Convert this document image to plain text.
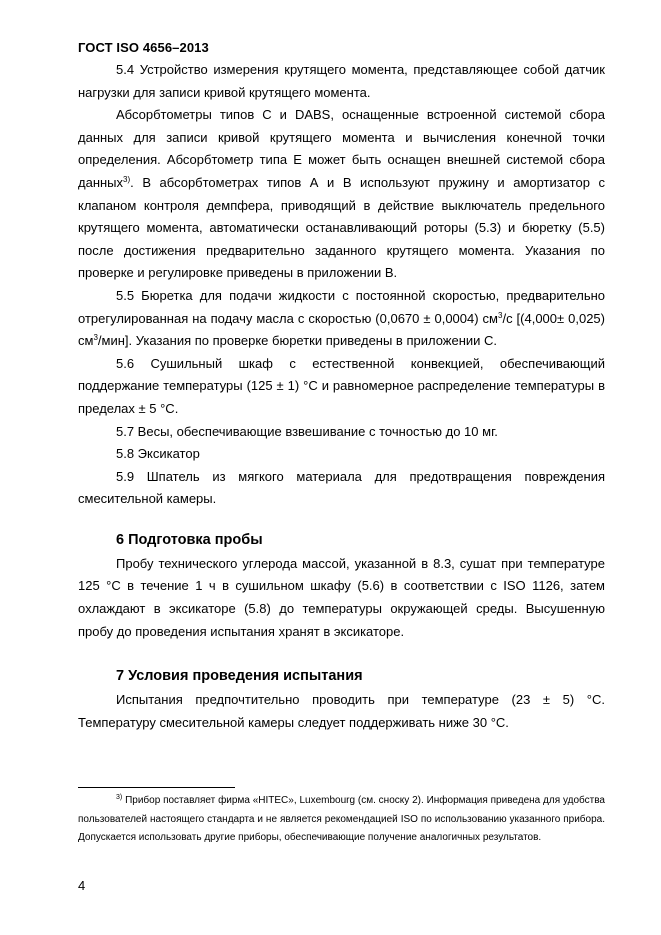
ГОСТ ISO 4656–2013

5.4 Устройство измерения крутящего момента, представляющее собой датчик нагрузки для записи кривой крутящего момента.

Абсорбтометры типов С и DABS, оснащенные встроенной системой сбора данных для записи кривой крутящего момента и вычисления конечной точки определения. Абсорбтометр типа Е может быть оснащен внешней системой сбора данных$^{3)}$. В абсорбтометрах типов А и В используют пружину и амортизатор с клапаном контроля демпфера, приводящий в действие выключатель предельного крутящего момента, автоматически останавливающий роторы (5.3) и бюретку (5.5) после достижения предварительно заданного крутящего момента. Указания по проверке и регулировке приведены в приложении В.

5.5 Бюретка для подачи жидкости с постоянной скоростью, предварительно отрегулированная на подачу масла с скоростью (0,0670 ± 0,0004) $см^3/с$ [(4,000± 0,025) $см^3/мин$]. Указания по проверке бюретки приведены в приложении С.

5.6 Сушильный шкаф с естественной конвекцией, обеспечивающий поддержание температуры (125 ± 1) °С и равномерное распределение температуры в пределах ± 5 °С.

5.7 Весы, обеспечивающие взвешивание с точностью до 10 мг.

5.8 Эксикатор

5.9 Шпатель из мягкого материала для предотвращения повреждения смесительной камеры.

6 Подготовка пробы

Пробу технического углерода массой, указанной в 8.3, сушат при температуре 125 °С в течение 1 ч в сушильном шкафу (5.6) в соответствии с ISO 1126, затем охлаждают в эксикаторе (5.8) до температуры окружающей среды. Высушенную пробу до проведения испытания хранят в эксикаторе.

7 Условия проведения испытания

Испытания предпочтительно проводить при температуре (23 ± 5) °С. Температуру смесительной камеры следует поддерживать ниже 30 °С.

$^{3)}$ Прибор поставляет фирма «HITEC», Luxembourg (см. сноску 2). Информация приведена для удобства пользователей настоящего стандарта и не является рекомендацией ISO по использованию указанного прибора. Допускается использовать другие приборы, обеспечивающие получение аналогичных результатов.

4
